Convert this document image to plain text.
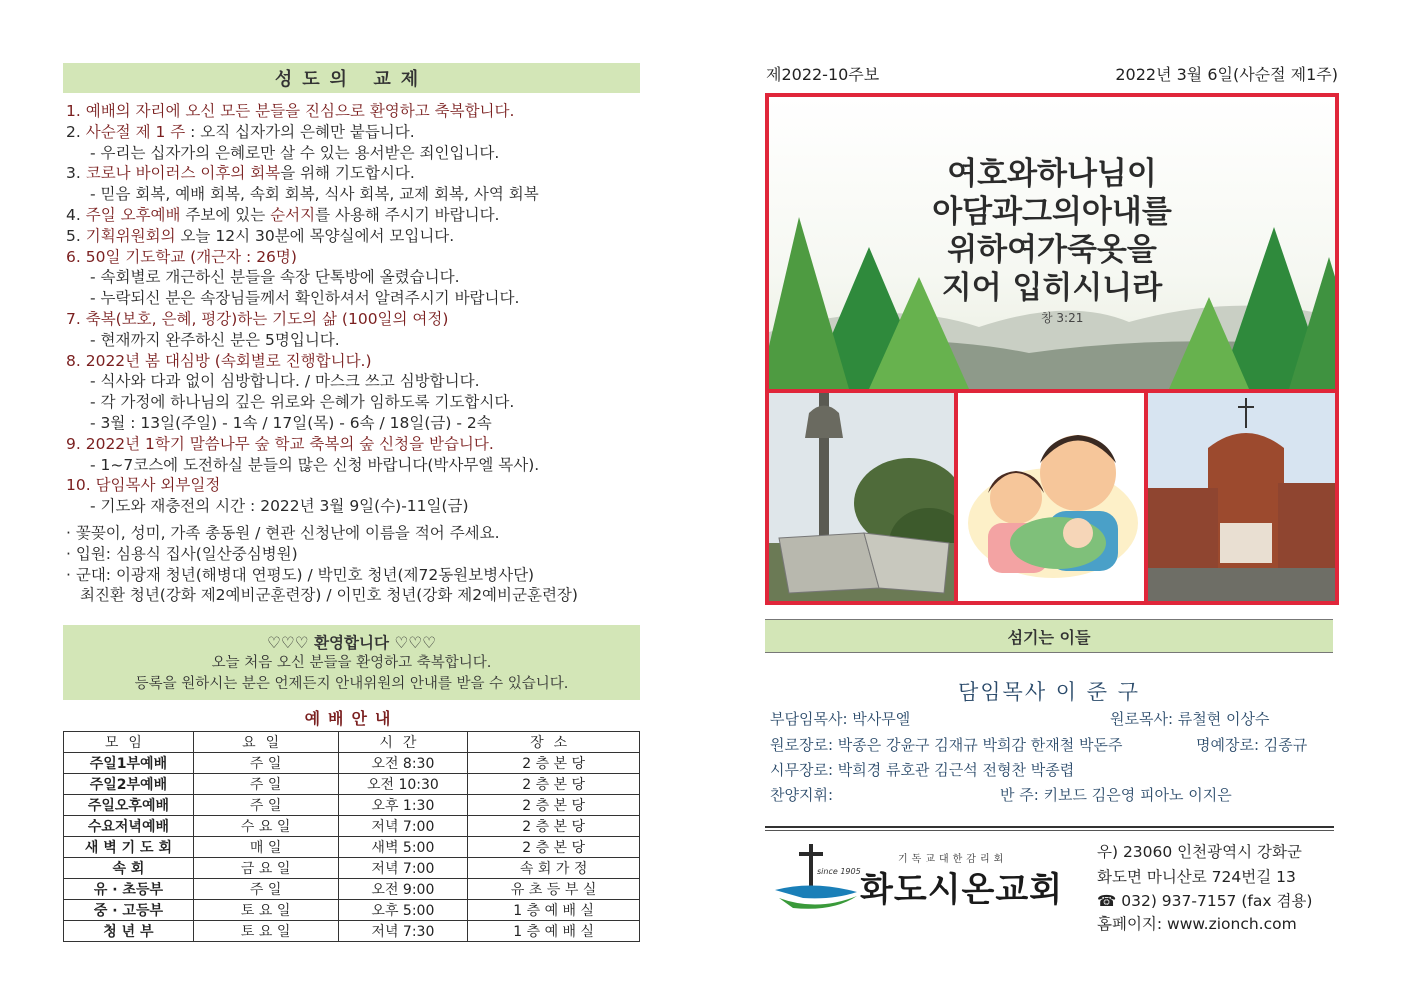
성도의 교제
1. 예배의 자리에 오신 모든 분들을 진심으로 환영하고 축복합니다.
2. 사순절 제 1 주 : 오직 십자가의 은혜만 붙듭니다.
- 우리는 십자가의 은혜로만 살 수 있는 용서받은 죄인입니다.
3. 코로나 바이러스 이후의 회복을 위해 기도합시다.
- 믿음 회복, 예배 회복, 속회 회복, 식사 회복, 교제 회복, 사역 회복
4. 주일 오후예배 주보에 있는 순서지를 사용해 주시기 바랍니다.
5. 기획위원회의 오늘 12시 30분에 목양실에서 모입니다.
6. 50일 기도학교 (개근자 : 26명)
- 속회별로 개근하신 분들을 속장 단톡방에 올렸습니다.
- 누락되신 분은 속장님들께서 확인하셔서 알려주시기 바랍니다.
7. 축복(보호, 은혜, 평강)하는 기도의 삶 (100일의 여정)
- 현재까지 완주하신 분은 5명입니다.
8. 2022년 봄 대심방 (속회별로 진행합니다.)
- 식사와 다과 없이 심방합니다. / 마스크 쓰고 심방합니다.
- 각 가정에 하나님의 깊은 위로와 은혜가 임하도록 기도합시다.
- 3월 : 13일(주일) - 1속 / 17일(목) - 6속 / 18일(금) - 2속
9. 2022년 1학기 말씀나무 숲 학교 축복의 숲 신청을 받습니다.
- 1~7코스에 도전하실 분들의 많은 신청 바랍니다(박사무엘 목사).
10. 담임목사 외부일정
- 기도와 재충전의 시간 : 2022년 3월 9일(수)-11일(금)
· 꽃꽂이, 성미, 가족 총동원 / 현관 신청난에 이름을 적어 주세요.
· 입원: 심용식 집사(일산중심병원)
· 군대: 이광재 청년(해병대 연평도) / 박민호 청년(제72동원보병사단)
최진환 청년(강화 제2예비군훈련장) / 이민호 청년(강화 제2예비군훈련장)
♡♡♡ 환영합니다 ♡♡♡
오늘 처음 오신 분들을 환영하고 축복합니다.
등록을 원하시는 분은 언제든지 안내위원의 안내를 받을 수 있습니다.
예배안내
모임	요일	시간	장소
주일1부예배	주 일	오전 8:30	2 층 본 당
주일2부예배	주 일	오전 10:30	2 층 본 당
주일오후예배	주 일	오후 1:30	2 층 본 당
수요저녁예배	수 요 일	저녁 7:00	2 층 본 당
새 벽 기 도 회	매 일	새벽 5:00	2 층 본 당
속 회	금 요 일	저녁 7:00	속 회 가 정
유 · 초등부	주 일	오전 9:00	유 초 등 부 실
중 · 고등부	토 요 일	오후 5:00	1 층 예 배 실
청 년 부	토 요 일	저녁 7:30	1 층 예 배 실
제2022-10주보	2022년 3월 6일(사순절 제1주)
여호와하나님이
아담과그의아내를
위하여가죽옷을
지어 입히시니라
창 3:21
섬기는 이들
담임목사 이 준 구
부담임목사: 박사무엘	원로목사: 류철현 이상수
원로장로: 박종은 강윤구 김재규 박희감 한재철 박돈주	명예장로: 김종규
시무장로: 박희경 류호관 김근석 전형찬 박종렵
찬양지휘:	반 주: 키보드 김은영 피아노 이지은
since 1905
기독교대한감리회
화도시온교회
우) 23060 인천광역시 강화군
화도면 마니산로 724번길 13
☎ 032) 937-7157 (fax 겸용)
홈페이지: www.zionch.com
